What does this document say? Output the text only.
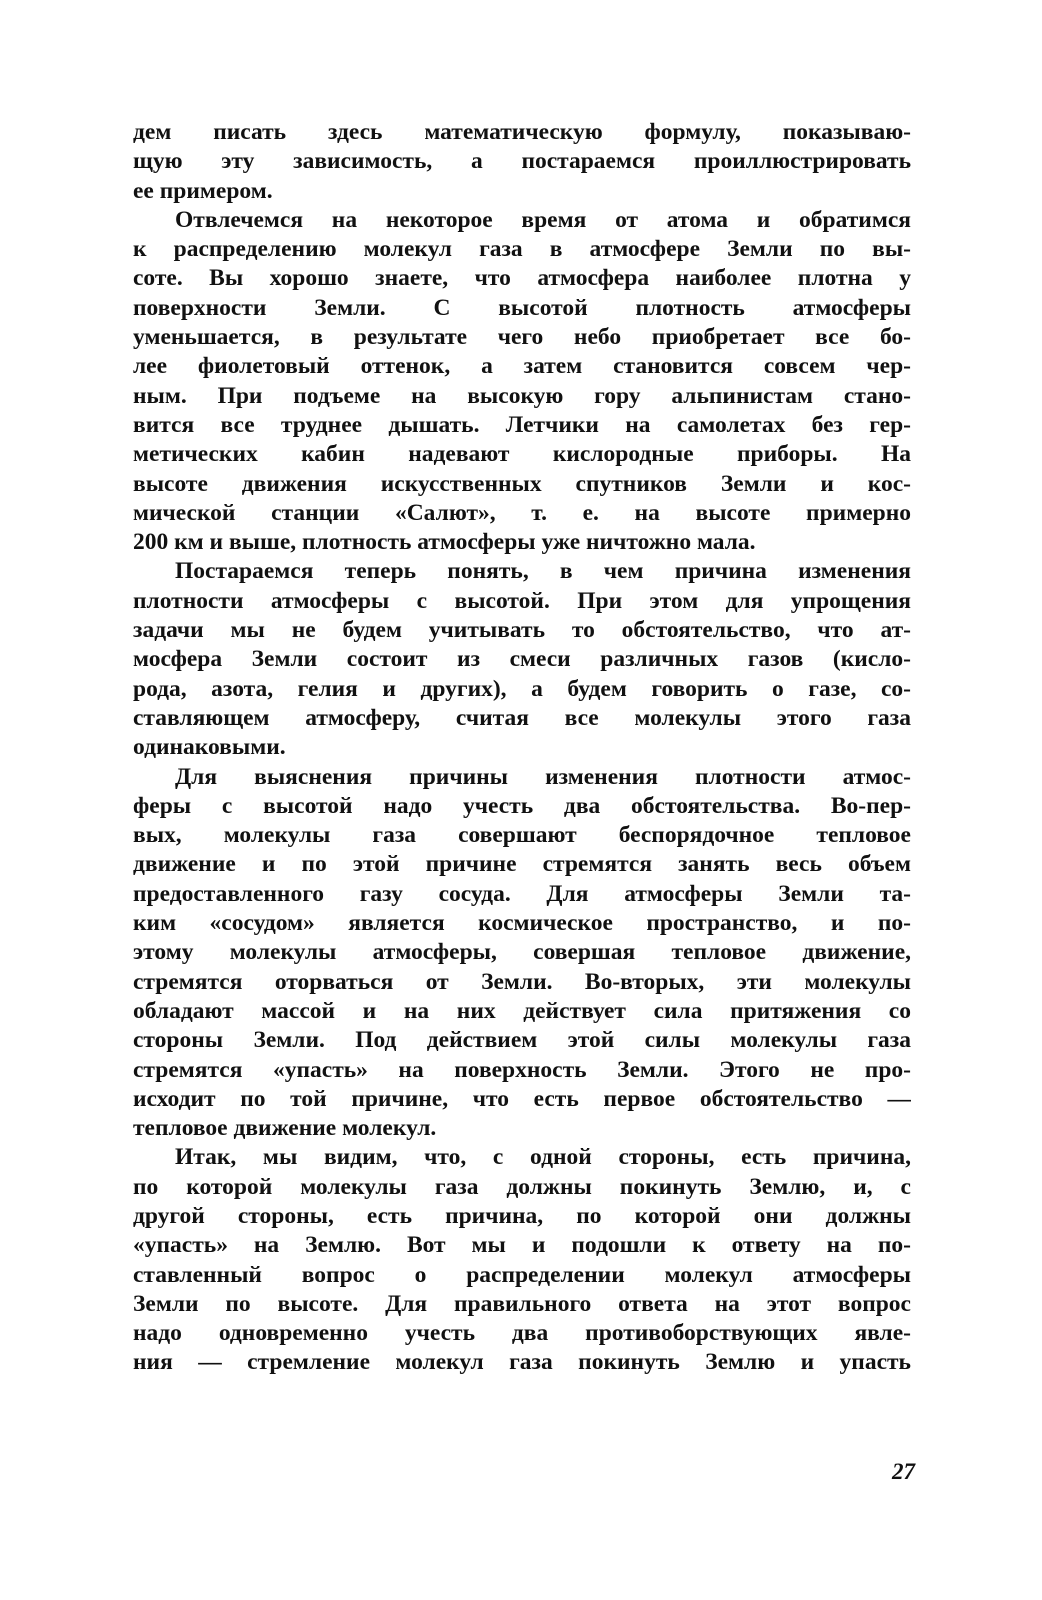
дем писать здесь математическую формулу, показываю-
щую эту зависимость, а постараемся проиллюстрировать
ее примером.
Отвлечемся на некоторое время от атома и обратимся
к распределению молекул газа в атмосфере Земли по вы-
соте. Вы хорошо знаете, что атмосфера наиболее плотна у
поверхности Земли. С высотой плотность атмосферы
уменьшается, в результате чего небо приобретает все бо-
лее фиолетовый оттенок, а затем становится совсем чер-
ным. При подъеме на высокую гору альпинистам стано-
вится все труднее дышать. Летчики на самолетах без гер-
метических кабин надевают кислородные приборы. На
высоте движения искусственных спутников Земли и кос-
мической станции «Салют», т. е. на высоте примерно
200 км и выше, плотность атмосферы уже ничтожно мала.
Постараемся теперь понять, в чем причина изменения
плотности атмосферы с высотой. При этом для упрощения
задачи мы не будем учитывать то обстоятельство, что ат-
мосфера Земли состоит из смеси различных газов (кисло-
рода, азота, гелия и других), а будем говорить о газе, со-
ставляющем атмосферу, считая все молекулы этого газа
одинаковыми.
Для выяснения причины изменения плотности атмос-
феры с высотой надо учесть два обстоятельства. Во-пер-
вых, молекулы газа совершают беспорядочное тепловое
движение и по этой причине стремятся занять весь объем
предоставленного газу сосуда. Для атмосферы Земли та-
ким «сосудом» является космическое пространство, и по-
этому молекулы атмосферы, совершая тепловое движение,
стремятся оторваться от Земли. Во-вторых, эти молекулы
обладают массой и на них действует сила притяжения со
стороны Земли. Под действием этой силы молекулы газа
стремятся «упасть» на поверхность Земли. Этого не про-
исходит по той причине, что есть первое обстоятельство —
тепловое движение молекул.
Итак, мы видим, что, с одной стороны, есть причина,
по которой молекулы газа должны покинуть Землю, и, с
другой стороны, есть причина, по которой они должны
«упасть» на Землю. Вот мы и подошли к ответу на по-
ставленный вопрос о распределении молекул атмосферы
Земли по высоте. Для правильного ответа на этот вопрос
надо одновременно учесть два противоборствующих явле-
ния — стремление молекул газа покинуть Землю и упасть
27
